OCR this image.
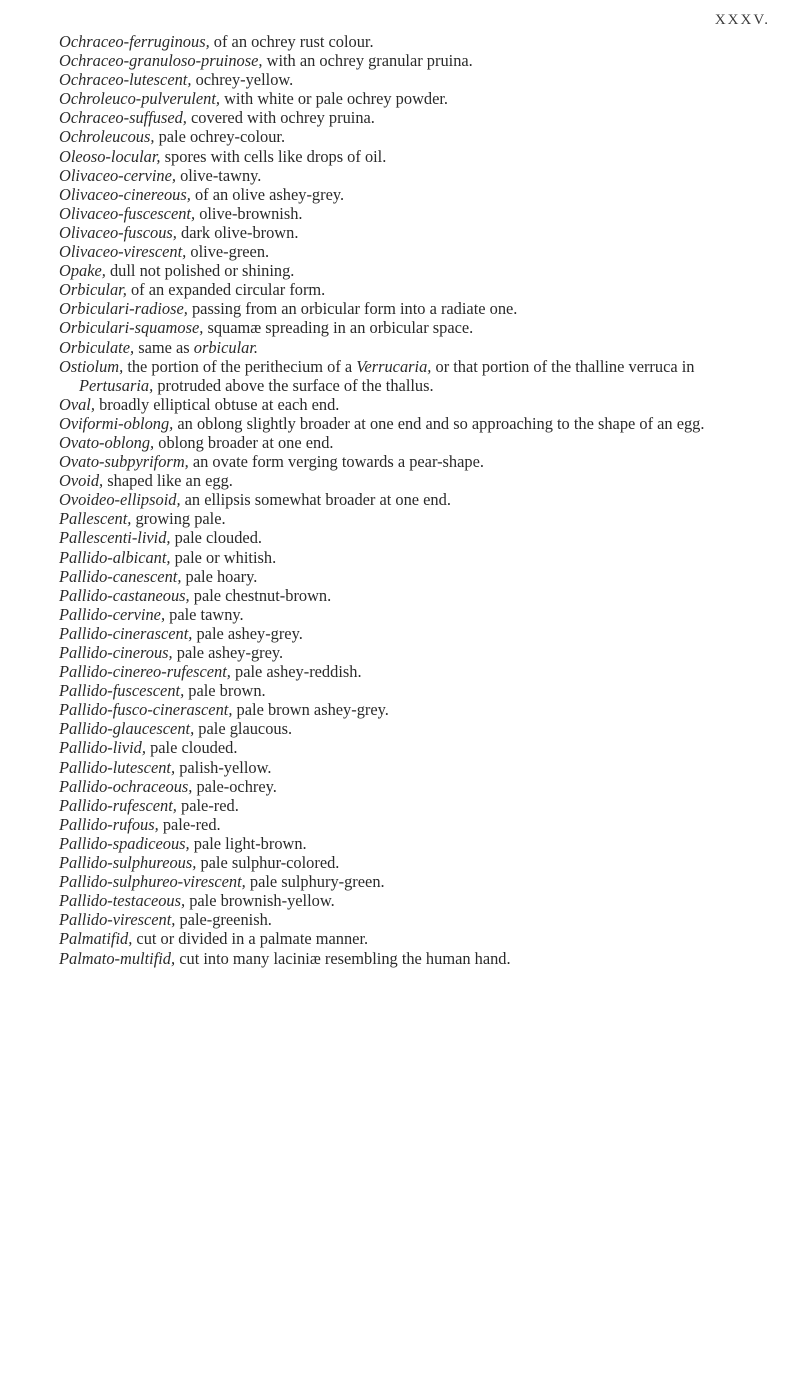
XXXV.
Ochraceo-ferruginous, of an ochrey rust colour.
Ochraceo-granuloso-pruinose, with an ochrey granular pruina.
Ochraceo-lutescent, ochrey-yellow.
Ochroleuco-pulverulent, with white or pale ochrey powder.
Ochraceo-suffused, covered with ochrey pruina.
Ochroleucous, pale ochrey-colour.
Oleoso-locular, spores with cells like drops of oil.
Olivaceo-cervine, olive-tawny.
Olivaceo-cinereous, of an olive ashey-grey.
Olivaceo-fuscescent, olive-brownish.
Olivaceo-fuscous, dark olive-brown.
Olivaceo-virescent, olive-green.
Opake, dull not polished or shining.
Orbicular, of an expanded circular form.
Orbiculari-radiose, passing from an orbicular form into a radiate one.
Orbiculari-squamose, squamæ spreading in an orbicular space.
Orbiculate, same as orbicular.
Ostiolum, the portion of the perithecium of a Verrucaria, or that portion of the thalline verruca in Pertusaria, protruded above the surface of the thallus.
Oval, broadly elliptical obtuse at each end.
Oviformi-oblong, an oblong slightly broader at one end and so approaching to the shape of an egg.
Ovato-oblong, oblong broader at one end.
Ovato-subpyriform, an ovate form verging towards a pear-shape.
Ovoid, shaped like an egg.
Ovoideo-ellipsoid, an ellipsis somewhat broader at one end.
Pallescent, growing pale.
Pallescenti-livid, pale clouded.
Pallido-albicant, pale or whitish.
Pallido-canescent, pale hoary.
Pallido-castaneous, pale chestnut-brown.
Pallido-cervine, pale tawny.
Pallido-cinerascent, pale ashey-grey.
Pallido-cinerous, pale ashey-grey.
Pallido-cinereo-rufescent, pale ashey-reddish.
Pallido-fuscescent, pale brown.
Pallido-fusco-cinerascent, pale brown ashey-grey.
Pallido-glaucescent, pale glaucous.
Pallido-livid, pale clouded.
Pallido-lutescent, palish-yellow.
Pallido-ochraceous, pale-ochrey.
Pallido-rufescent, pale-red.
Pallido-rufous, pale-red.
Pallido-spadiceous, pale light-brown.
Pallido-sulphureous, pale sulphur-colored.
Pallido-sulphureo-virescent, pale sulphury-green.
Pallido-testaceous, pale brownish-yellow.
Pallido-virescent, pale-greenish.
Palmatifid, cut or divided in a palmate manner.
Palmato-multifid, cut into many laciniæ resembling the human hand.
